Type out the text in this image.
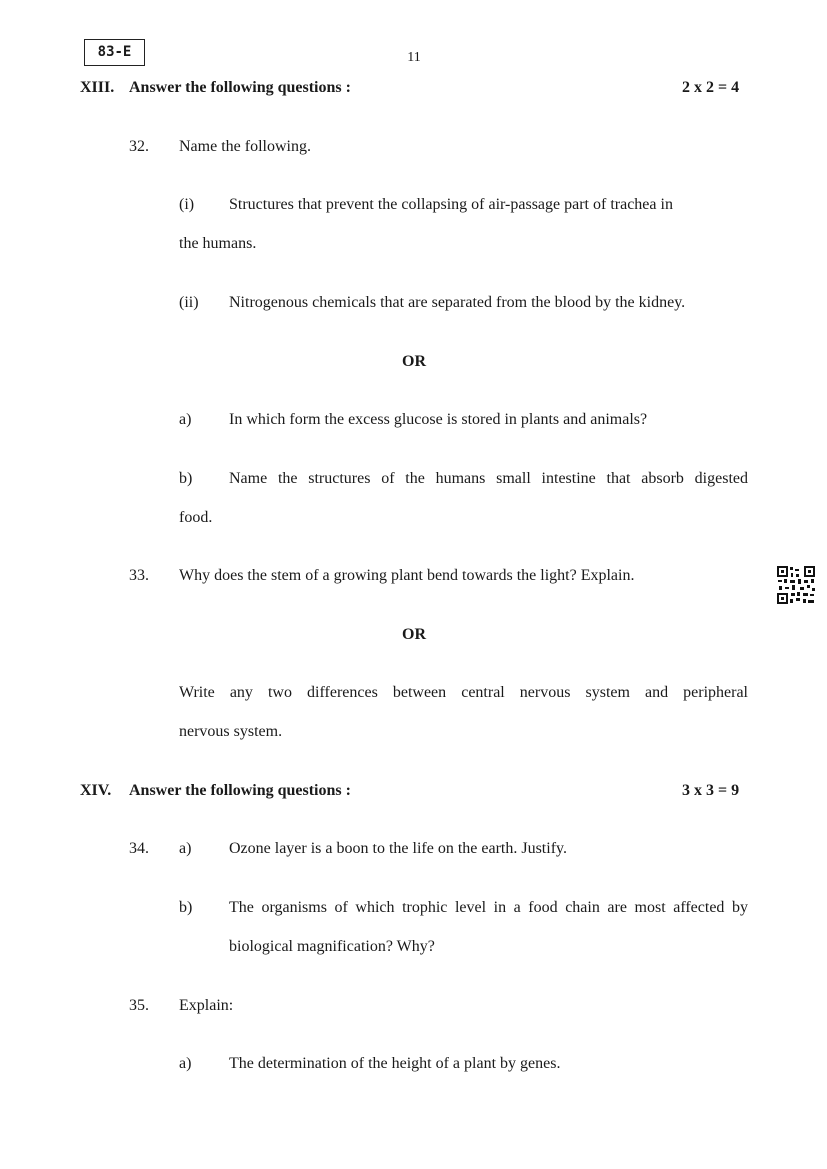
83-E	11
XIII. Answer the following questions :	2 x 2 = 4
32. Name the following.
(i) Structures that prevent the collapsing of air-passage part of trachea in
the humans.
(ii) Nitrogenous chemicals that are separated from the blood by the kidney.
OR
a) In which form the excess glucose is stored in plants and animals?
b) Name the structures of the humans small intestine that absorb digested
food.
33. Why does the stem of a growing plant bend towards the light? Explain.
OR
Write any two differences between central nervous system and peripheral
nervous system.
XIV. Answer the following questions :	3 x 3 = 9
34. a) Ozone layer is a boon to the life on the earth. Justify.
b) The organisms of which trophic level in a food chain are most affected by
biological magnification? Why?
35. Explain:
a) The determination of the height of a plant by genes.
